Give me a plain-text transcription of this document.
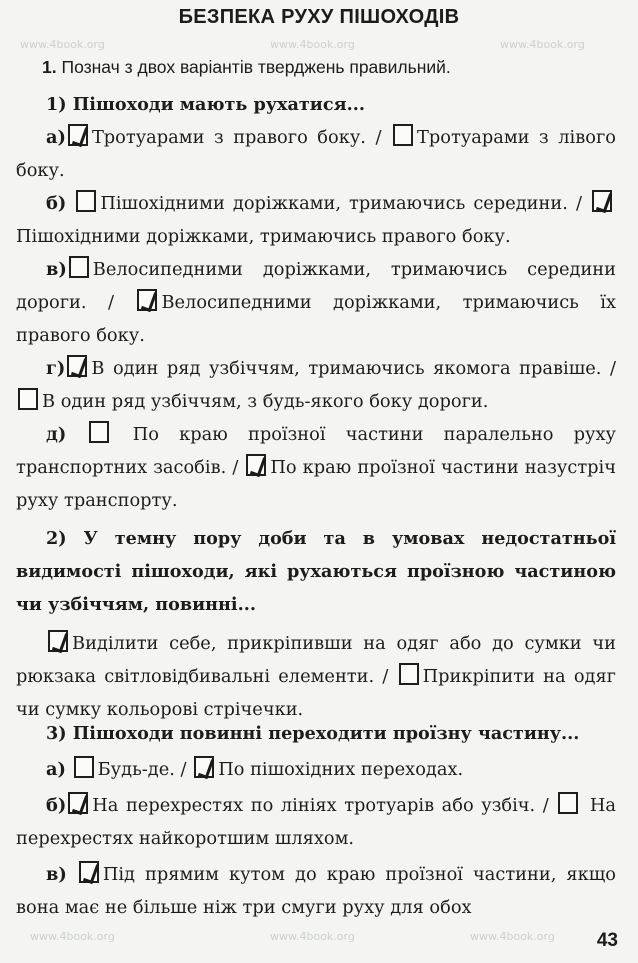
www.4book.org	www.4book.org	www.4book.org
www.4book.org	www.4book.org	www.4book.org
БЕЗПЕКА РУХУ ПІШОХОДІВ
1. Познач з двох варіантів тверджень правильний.

1) Пішоходи мають рухатися...

а) Тротуарами з правого боку. / Тротуарами з лівого боку.

б) Пішохідними доріжками, тримаючись середини. / Пішохідними доріжками, тримаючись правого боку.

в) Велосипедними доріжками, тримаючись середини дороги. /	Велосипедними доріжками, тримаючись їх правого боку.

г) В один ряд узбіччям, тримаючись якомога правіше. / В один ряд узбіччям, з будь-якого боку дороги.

д)	По краю проїзної частини паралельно руху транспортних засобів. / По краю проїзної частини назустріч руху транспорту.

2) У темну пору доби та в умовах недостатньої видимості пішоходи, які рухаються проїзною частиною чи узбіччям, повинні...

Виділити себе, прикріпивши на одяг або до сумки чи рюкзака світловідбивальні елементи. / Прикріпити на одяг чи сумку кольорові стрічечки.

3) Пішоходи повинні переходити проїзну частину...

а) Будь-де. / По пішохідних переходах.

б) На перехрестях по лініях тротуарів або узбіч. / На перехрестях найкоротшим шляхом.

в) Під прямим кутом до краю проїзної частини, якщо вона має не більше ніж три смуги руху для обох

43
